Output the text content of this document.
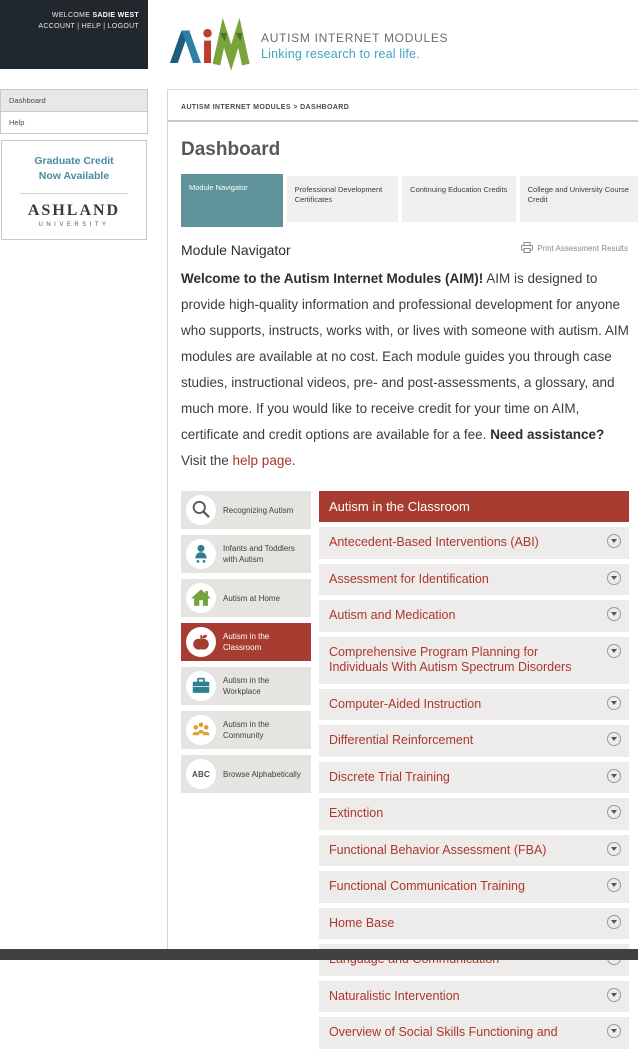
WELCOME SADIE WEST
ACCOUNT | HELP | LOGOUT
AUTISM INTERNET MODULES
Linking research to real life.
Dashboard
Help
Graduate Credit
Now Available
ASHLAND
UNIVERSITY
AUTISM INTERNET MODULES > DASHBOARD
Dashboard
Module Navigator	Professional Development Certificates
Continuing Education Credits	College and University Course Credit
Module Navigator	Print Assessment Results

Welcome to the Autism Internet Modules (AIM)! AIM is designed to provide high-quality information and professional development for anyone who supports, instructs, works with, or lives with someone with autism. AIM modules are available at no cost. Each module guides you through case studies, instructional videos, pre- and post-assessments, a glossary, and much more. If you would like to receive credit for your time on AIM, certificate and credit options are available for a fee. Need assistance? Visit the help page.

Recognizing Autism
Infants and Toddlers with Autism
Autism at Home
Autism in the Classroom
Autism in the Workplace
Autism in the Community
ABC Browse Alphabetically
Autism in the Classroom
Antecedent-Based Interventions (ABI)
Assessment for Identification
Autism and Medication
Comprehensive Program Planning for Individuals With Autism Spectrum Disorders
Computer-Aided Instruction
Differential Reinforcement
Discrete Trial Training
Extinction
Functional Behavior Assessment (FBA)
Functional Communication Training
Home Base
Naturalistic Intervention
Overview of Social Skills Functioning and
